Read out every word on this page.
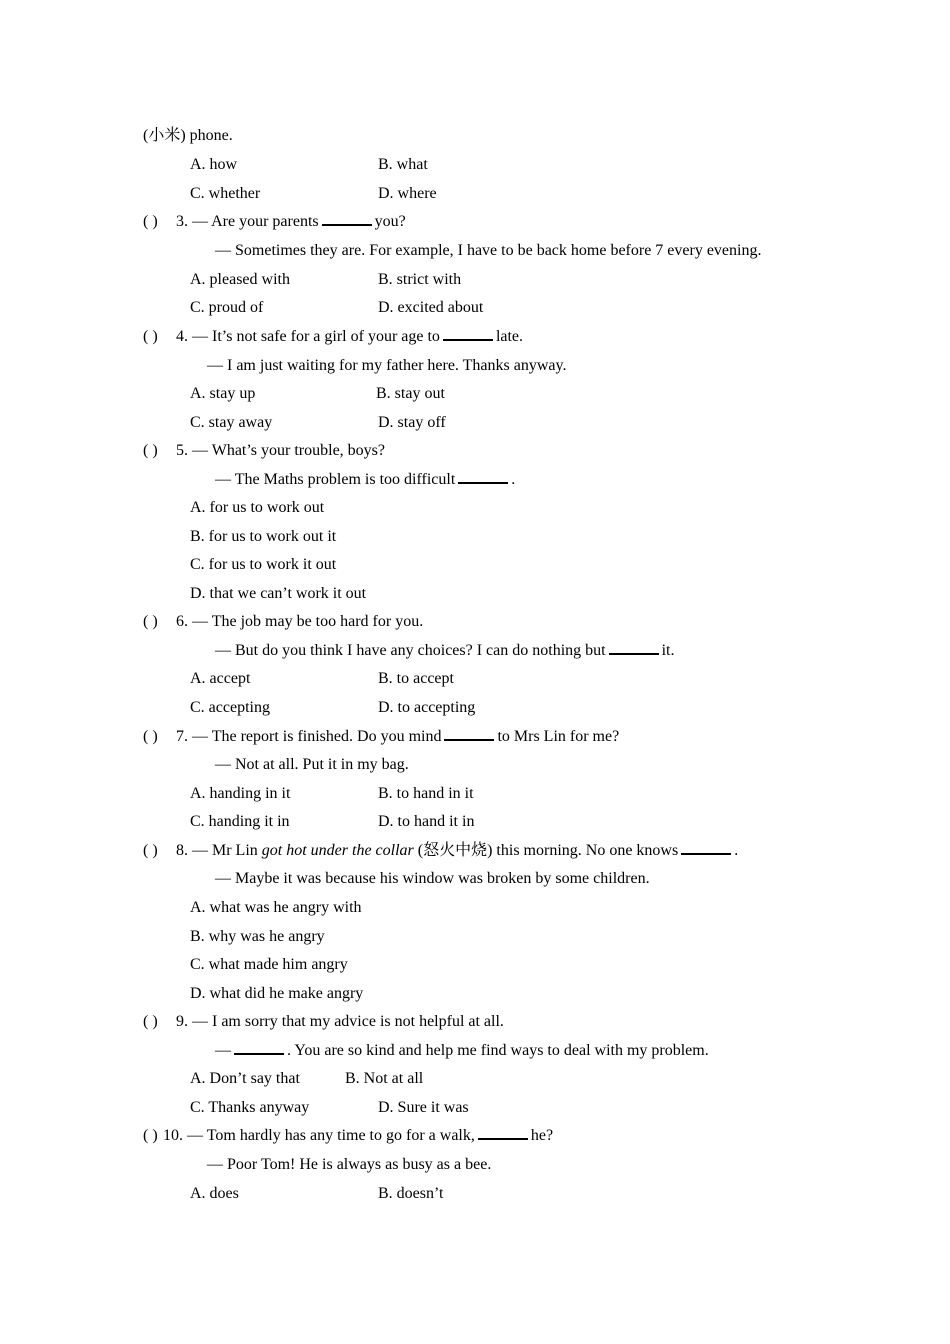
(小米) phone.
A. how	B. what
C. whether	D. where
( ) 3. — Are your parents	you?
— Sometimes they are. For example, I have to be back home before 7 every evening.
A. pleased with	B. strict with
C. proud of	D. excited about
( ) 4. — It’s not safe for a girl of your age to	late.
— I am just waiting for my father here. Thanks anyway.
A. stay up	B. stay out
C. stay away	D. stay off
( ) 5. — What’s your trouble, boys?
— The Maths problem is too difficult	.
A. for us to work out
B. for us to work out it
C. for us to work it out
D. that we can’t work it out
( ) 6. — The job may be too hard for you.
— But do you think I have any choices? I can do nothing but	it.
A. accept	B. to accept
C. accepting	D. to accepting
( ) 7. — The report is finished. Do you mind	to Mrs Lin for me?
— Not at all. Put it in my bag.
A. handing in it	B. to hand in it
C. handing it in	D. to hand it in
( ) 8. — Mr Lin got hot under the collar (怒火中烧) this morning. No one knows	.
— Maybe it was because his window was broken by some children.
A. what was he angry with
B. why was he angry
C. what made him angry
D. what did he make angry
( ) 9. — I am sorry that my advice is not helpful at all.
—	. You are so kind and help me find ways to deal with my problem.
A. Don’t say that	B. Not at all
C. Thanks anyway	D. Sure it was
( ) 10. — Tom hardly has any time to go for a walk,	he?
— Poor Tom! He is always as busy as a bee.
A. does	B. doesn’t
